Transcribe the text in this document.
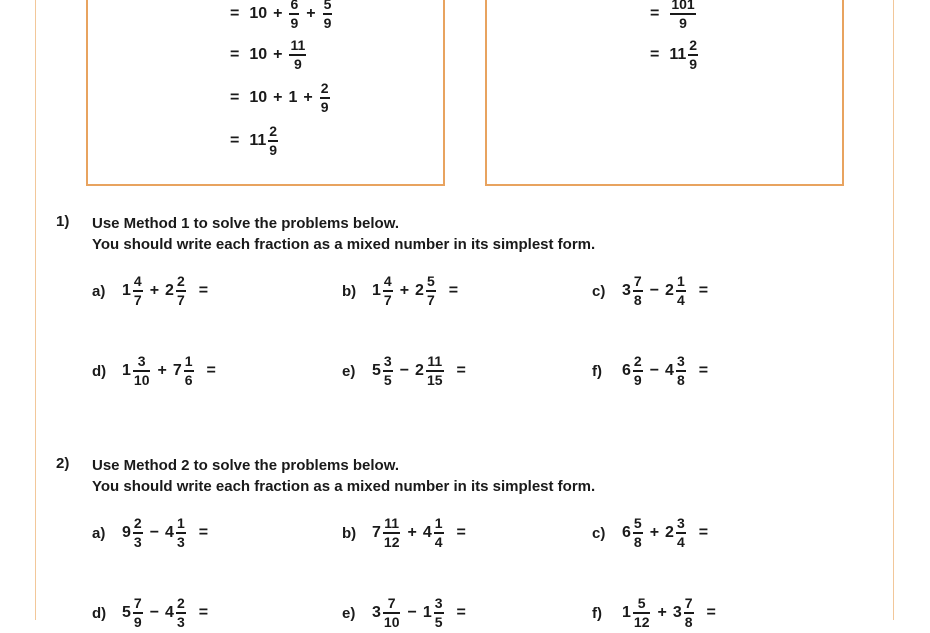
= $10 + \frac{6}{9} + \frac{5}{9}$
= $10 + \frac{11}{9}$
= $10 + 1 + \frac{2}{9}$
= $11 \frac{2}{9}$
= $\frac{101}{9}$
= $11 \frac{2}{9}$
1) Use Method 1 to solve the problems below.
You should write each fraction as a mixed number in its simplest form.
2) Use Method 2 to solve the problems below.
You should write each fraction as a mixed number in its simplest form.
a)	$1 \frac{4}{7} + 2 \frac{2}{7}$ =	b) $1 \frac{4}{7} + 2 \frac{5}{7}$ =	c)	$3 \frac{7}{8} - 2 \frac{1}{4}$ =
d) $1 \frac{3}{10} + 7 \frac{1}{6}$ =	e)	$5 \frac{3}{5} - 2 \frac{11}{15}$ =	f)	$6 \frac{2}{9} - 4 \frac{3}{8}$ =
a)	$9 \frac{2}{3} - 4 \frac{1}{3}$ =	b) $7 \frac{11}{12} + 4 \frac{1}{4}$ =	c)	$6 \frac{5}{8} + 2 \frac{3}{4}$ =
d) $5 \frac{7}{9} - 4 \frac{2}{3}$ =	e)	$3 \frac{7}{10} - 1 \frac{3}{5}$ =	f)	$1 \frac{5}{12} + 3 \frac{7}{8}$ =
